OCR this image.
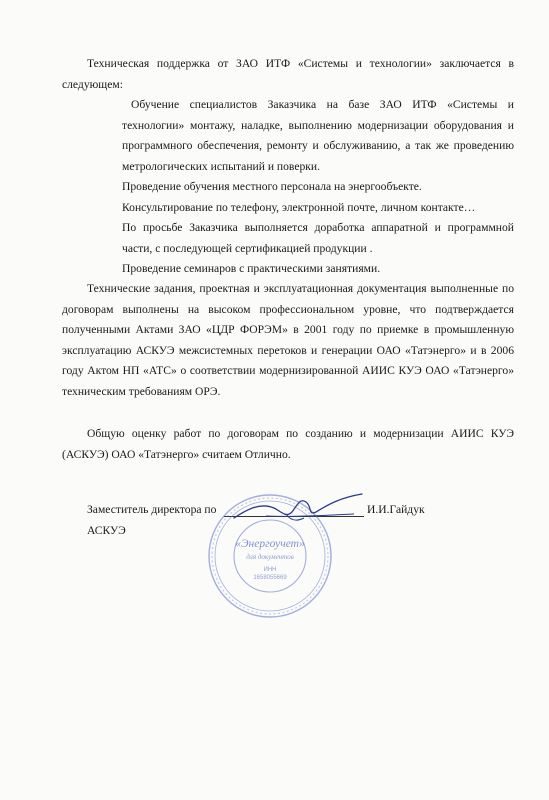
Техническая поддержка от ЗАО ИТФ «Системы и технологии» заключается в следующем:

Обучение специалистов Заказчика на базе ЗАО ИТФ «Системы и технологии» монтажу, наладке, выполнению модернизации оборудования и программного обеспечения, ремонту и обслуживанию, а так же проведению метрологических испытаний и поверки.

Проведение обучения местного персонала на энергообъекте.

Консультирование по телефону, электронной почте, личном контакте…

По просьбе Заказчика выполняется доработка аппаратной и программной части, с последующей сертификацией продукции .

Проведение семинаров с практическими занятиями.

Технические задания, проектная и эксплуатационная документация выполненные по договорам выполнены на высоком профессиональном уровне, что подтверждается полученными Актами ЗАО «ЦДР ФОРЭМ» в 2001 году по приемке в промышленную эксплуатацию АСКУЭ межсистемных перетоков и генерации ОАО «Татэнерго» и в 2006 году Актом НП «АТС» о соответствии модернизированной АИИС КУЭ ОАО «Татэнерго» техническим требованиям ОРЭ.

Общую оценку работ по договорам по созданию и модернизации АИИС КУЭ (АСКУЭ) ОАО «Татэнерго» считаем Отлично.

Заместитель директора по

АСКУЭ

И.И.Гайдук

«Энергоучет»
для документов
ИНН
1658055669
